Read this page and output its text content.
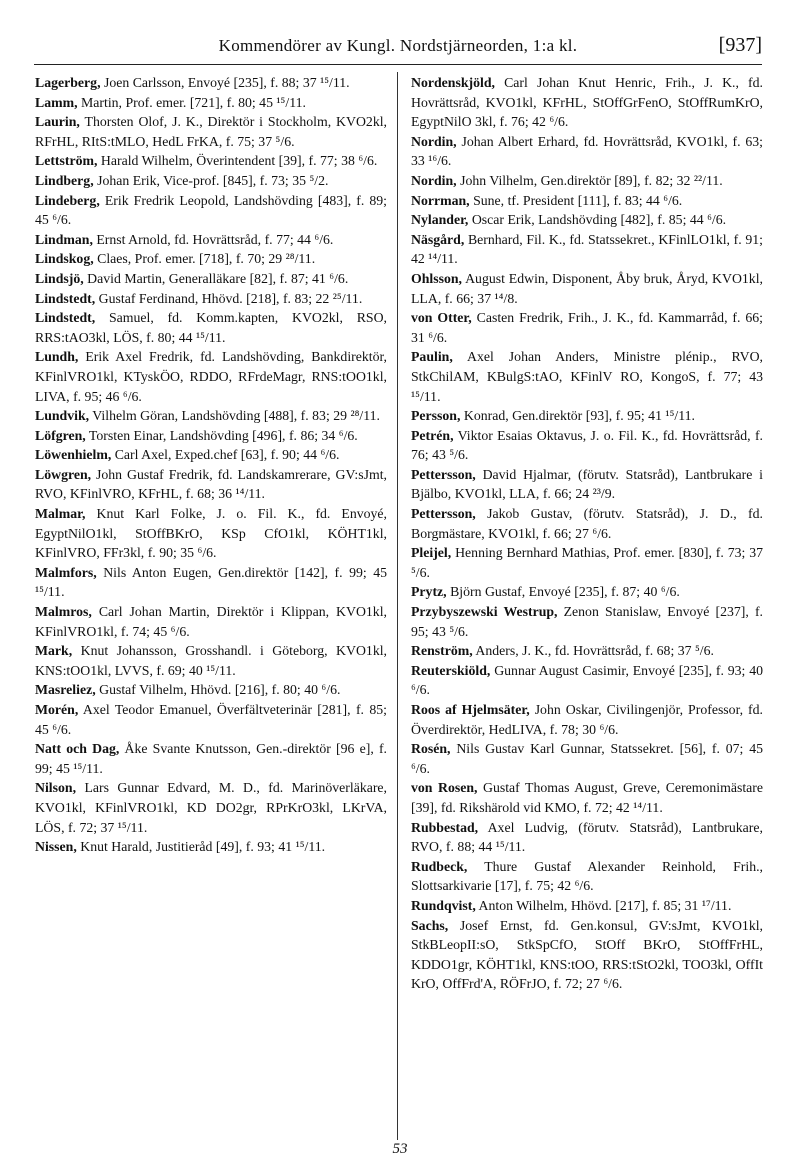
Kommendörer av Kungl. Nordstjärneorden, 1:a kl.	[937]

Lagerberg, Joen Carlsson, Envoyé [235], f. 88; 37 ¹⁵/11.

Lamm, Martin, Prof. emer. [721], f. 80; 45 ¹⁵/11.

Laurin, Thorsten Olof, J. K., Direktör i Stockholm, KVO2kl, RFrHL, RItS:tMLO, HedL FrKA, f. 75; 37 ⁵/6.

Lettström, Harald Wilhelm, Överintendent [39], f. 77; 38 ⁶/6.

Lindberg, Johan Erik, Vice-prof. [845], f. 73; 35 ⁵/2.

Lindeberg, Erik Fredrik Leopold, Landshövding [483], f. 89; 45 ⁶/6.

Lindman, Ernst Arnold, fd. Hovrättsråd, f. 77; 44 ⁶/6.

Lindskog, Claes, Prof. emer. [718], f. 70; 29 ²⁸/11.

Lindsjö, David Martin, Generalläkare [82], f. 87; 41 ⁶/6.

Lindstedt, Gustaf Ferdinand, Hhövd. [218], f. 83; 22 ²⁵/11.

Lindstedt, Samuel, fd. Komm.kapten, KVO2kl, RSO, RRS:tAO3kl, LÖS, f. 80; 44 ¹⁵/11.

Lundh, Erik Axel Fredrik, fd. Landshövding, Bankdirektör, KFinlVRO1kl, KTyskÖO, RDDO, RFrdeMagr, RNS:tOO1kl, LIVA, f. 95; 46 ⁶/6.

Lundvik, Vilhelm Göran, Landshövding [488], f. 83; 29 ²⁸/11.

Löfgren, Torsten Einar, Landshövding [496], f. 86; 34 ⁶/6.

Löwenhielm, Carl Axel, Exped.chef [63], f. 90; 44 ⁶/6.

Löwgren, John Gustaf Fredrik, fd. Landskamrerare, GV:sJmt, RVO, KFinlVRO, KFrHL, f. 68; 36 ¹⁴/11.

Malmar, Knut Karl Folke, J. o. Fil. K., fd. Envoyé, EgyptNilO1kl, StOffBKrO, KSp CfO1kl, KÖHT1kl, KFinlVRO, FFr3kl, f. 90; 35 ⁶/6.

Malmfors, Nils Anton Eugen, Gen.direktör [142], f. 99; 45 ¹⁵/11.

Malmros, Carl Johan Martin, Direktör i Klippan, KVO1kl, KFinlVRO1kl, f. 74; 45 ⁶/6.

Mark, Knut Johansson, Grosshandl. i Göteborg, KVO1kl, KNS:tOO1kl, LVVS, f. 69; 40 ¹⁵/11.

Masreliez, Gustaf Vilhelm, Hhövd. [216], f. 80; 40 ⁶/6.

Morén, Axel Teodor Emanuel, Överfältveterinär [281], f. 85; 45 ⁶/6.

Natt och Dag, Åke Svante Knutsson, Gen.-direktör [96 e], f. 99; 45 ¹⁵/11.

Nilson, Lars Gunnar Edvard, M. D., fd. Marinöverläkare, KVO1kl, KFinlVRO1kl, KD DO2gr, RPrKrO3kl, LKrVA, LÖS, f. 72; 37 ¹⁵/11.

Nissen, Knut Harald, Justitieråd [49], f. 93; 41 ¹⁵/11.

Nordenskjöld, Carl Johan Knut Henric, Frih., J. K., fd. Hovrättsråd, KVO1kl, KFrHL, StOffGrFenO, StOffRumKrO, EgyptNilO 3kl, f. 76; 42 ⁶/6.

Nordin, Johan Albert Erhard, fd. Hovrättsråd, KVO1kl, f. 63; 33 ¹⁶/6.

Nordin, John Vilhelm, Gen.direktör [89], f. 82; 32 ²²/11.

Norrman, Sune, tf. President [111], f. 83; 44 ⁶/6.

Nylander, Oscar Erik, Landshövding [482], f. 85; 44 ⁶/6.

Näsgård, Bernhard, Fil. K., fd. Statssekret., KFinlLO1kl, f. 91; 42 ¹⁴/11.

Ohlsson, August Edwin, Disponent, Åby bruk, Åryd, KVO1kl, LLA, f. 66; 37 ¹⁴/8.

von Otter, Casten Fredrik, Frih., J. K., fd. Kammarråd, f. 66; 31 ⁶/6.

Paulin, Axel Johan Anders, Ministre plénip., RVO, StkChilAM, KBulgS:tAO, KFinlV RO, KongoS, f. 77; 43 ¹⁵/11.

Persson, Konrad, Gen.direktör [93], f. 95; 41 ¹⁵/11.

Petrén, Viktor Esaias Oktavus, J. o. Fil. K., fd. Hovrättsråd, f. 76; 43 ⁵/6.

Pettersson, David Hjalmar, (förutv. Statsråd), Lantbrukare i Bjälbo, KVO1kl, LLA, f. 66; 24 ²³/9.

Pettersson, Jakob Gustav, (förutv. Statsråd), J. D., fd. Borgmästare, KVO1kl, f. 66; 27 ⁶/6.

Pleijel, Henning Bernhard Mathias, Prof. emer. [830], f. 73; 37 ⁵/6.

Prytz, Björn Gustaf, Envoyé [235], f. 87; 40 ⁶/6.

Przybyszewski Westrup, Zenon Stanislaw, Envoyé [237], f. 95; 43 ⁵/6.

Renström, Anders, J. K., fd. Hovrättsråd, f. 68; 37 ⁵/6.

Reuterskiöld, Gunnar August Casimir, Envoyé [235], f. 93; 40 ⁶/6.

Roos af Hjelmsäter, John Oskar, Civilingenjör, Professor, fd. Överdirektör, HedLIVA, f. 78; 30 ⁶/6.

Rosén, Nils Gustav Karl Gunnar, Statssekret. [56], f. 07; 45 ⁶/6.

von Rosen, Gustaf Thomas August, Greve, Ceremonimästare [39], fd. Rikshärold vid KMO, f. 72; 42 ¹⁴/11.

Rubbestad, Axel Ludvig, (förutv. Statsråd), Lantbrukare, RVO, f. 88; 44 ¹⁵/11.

Rudbeck, Thure Gustaf Alexander Reinhold, Frih., Slottsarkivarie [17], f. 75; 42 ⁶/6.

Rundqvist, Anton Wilhelm, Hhövd. [217], f. 85; 31 ¹⁷/11.

Sachs, Josef Ernst, fd. Gen.konsul, GV:sJmt, KVO1kl, StkBLeopII:sO, StkSpCfO, StOff BKrO, StOffFrHL, KDDO1gr, KÖHT1kl, KNS:tOO, RRS:tStO2kl, TOO3kl, OffIt KrO, OffFrd'A, RÖFrJO, f. 72; 27 ⁶/6.

53
